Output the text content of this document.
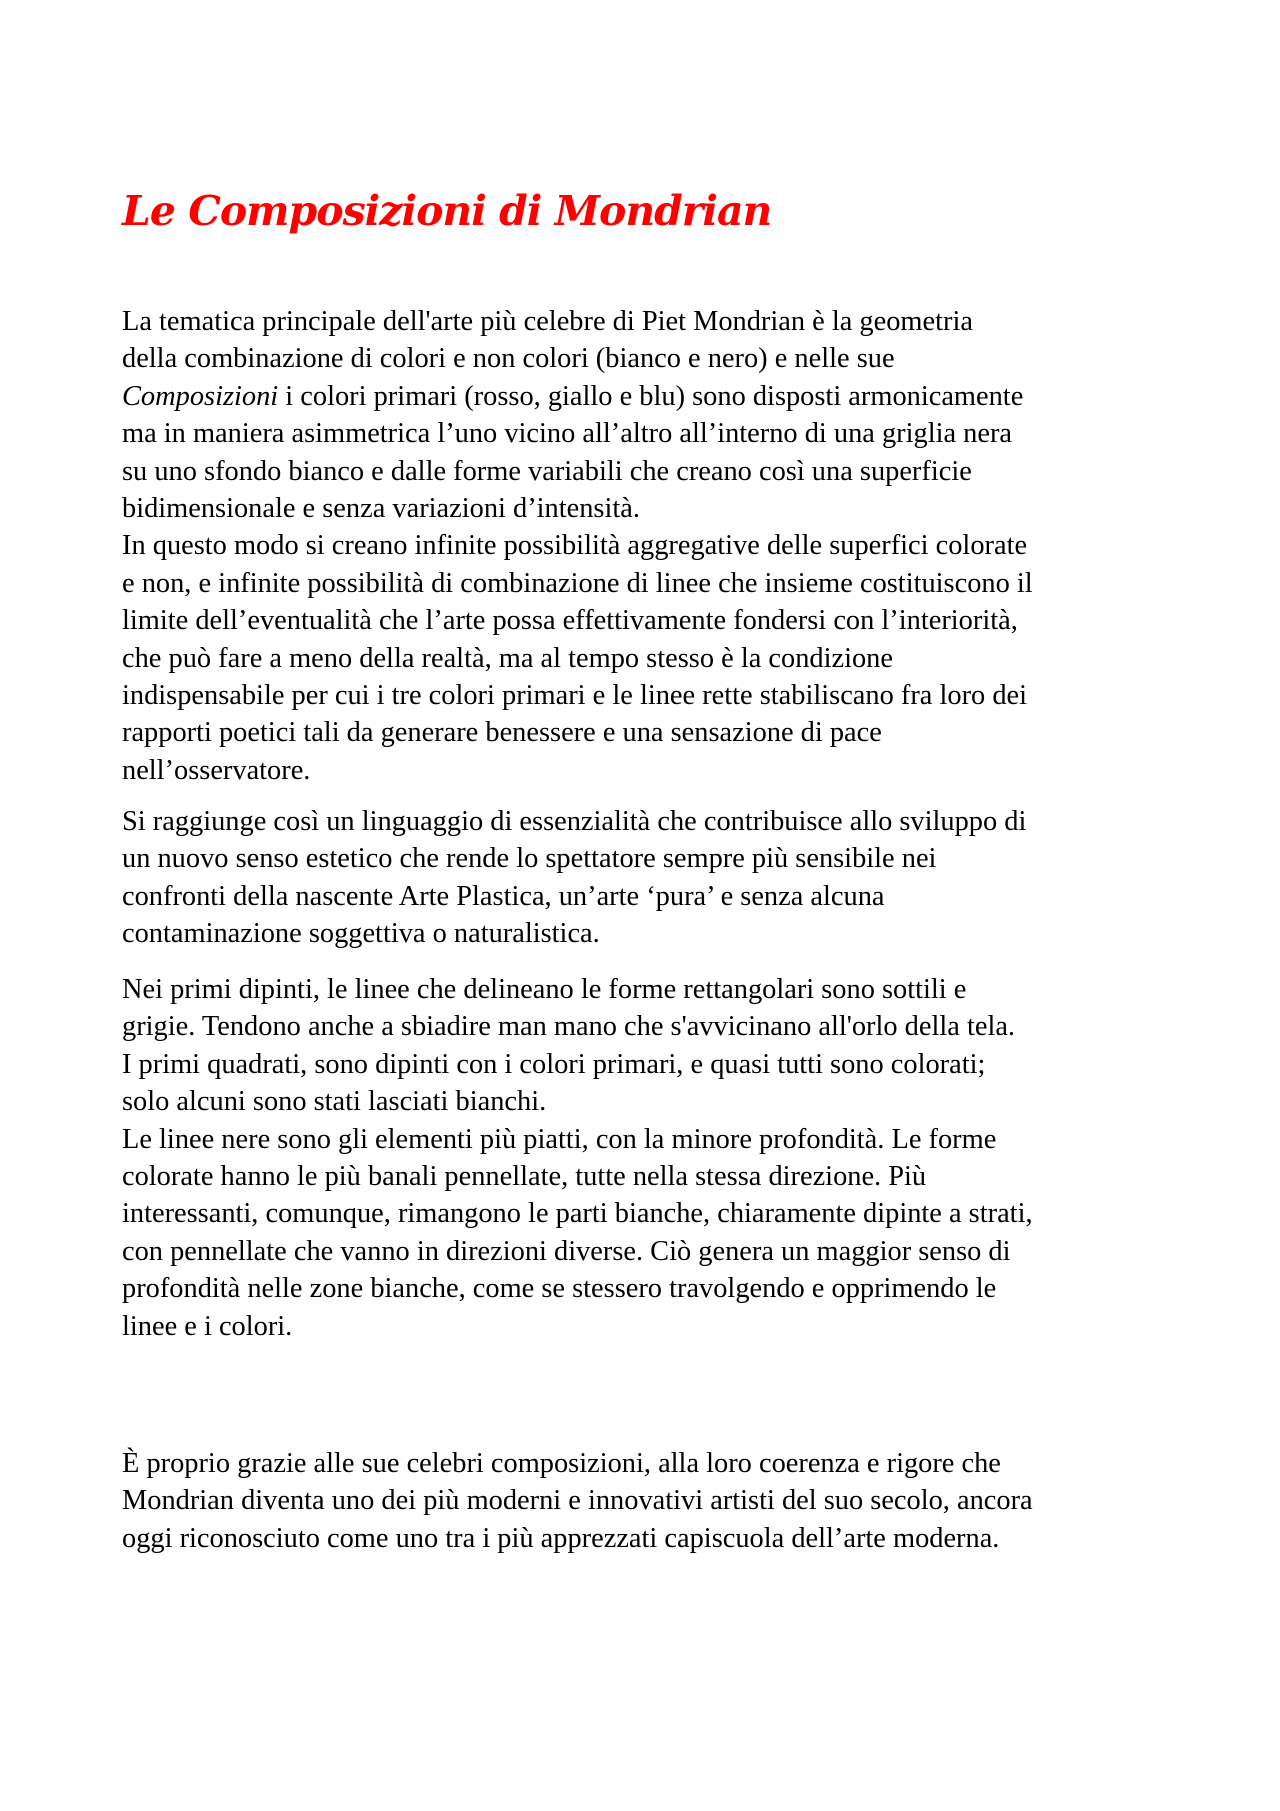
Le Composizioni di Mondrian
La tematica principale dell'arte più celebre di Piet Mondrian è la geometria
della combinazione di colori e non colori (bianco e nero) e nelle sue
Composizioni i colori primari (rosso, giallo e blu) sono disposti armonicamente
ma in maniera asimmetrica l’uno vicino all’altro all’interno di una griglia nera
su uno sfondo bianco e dalle forme variabili che creano così una superficie
bidimensionale e senza variazioni d’intensità.
In questo modo si creano infinite possibilità aggregative delle superfici colorate
e non, e infinite possibilità di combinazione di linee che insieme costituiscono il
limite dell’eventualità che l’arte possa effettivamente fondersi con l’interiorità,
che può fare a meno della realtà, ma al tempo stesso è la condizione
indispensabile per cui i tre colori primari e le linee rette stabiliscano fra loro dei
rapporti poetici tali da generare benessere e una sensazione di pace
nell’osservatore.
Si raggiunge così un linguaggio di essenzialità che contribuisce allo sviluppo di
un nuovo senso estetico che rende lo spettatore sempre più sensibile nei
confronti della nascente Arte Plastica, un’arte ‘pura’ e senza alcuna
contaminazione soggettiva o naturalistica.
Nei primi dipinti, le linee che delineano le forme rettangolari sono sottili e
grigie. Tendono anche a sbiadire man mano che s'avvicinano all'orlo della tela.
I primi quadrati, sono dipinti con i colori primari, e quasi tutti sono colorati;
solo alcuni sono stati lasciati bianchi.
Le linee nere sono gli elementi più piatti, con la minore profondità. Le forme
colorate hanno le più banali pennellate, tutte nella stessa direzione. Più
interessanti, comunque, rimangono le parti bianche, chiaramente dipinte a strati,
con pennellate che vanno in direzioni diverse. Ciò genera un maggior senso di
profondità nelle zone bianche, come se stessero travolgendo e opprimendo le
linee e i colori.
È proprio grazie alle sue celebri composizioni, alla loro coerenza e rigore che
Mondrian diventa uno dei più moderni e innovativi artisti del suo secolo, ancora
oggi riconosciuto come uno tra i più apprezzati capiscuola dell’arte moderna.
